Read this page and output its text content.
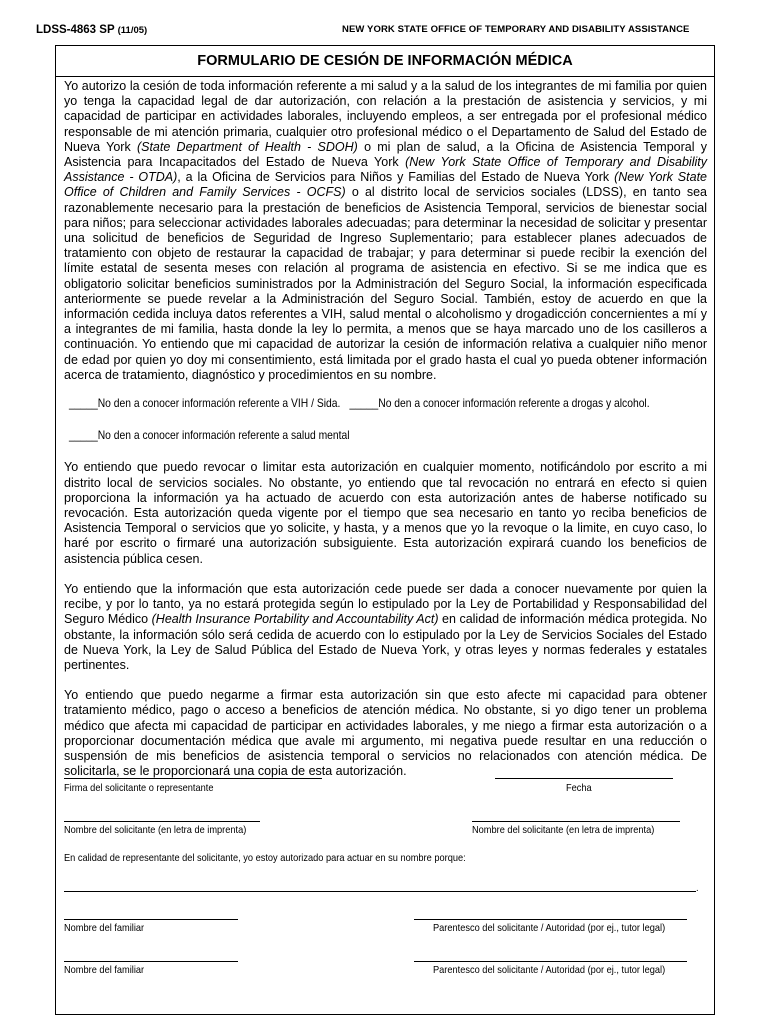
LDSS-4863 SP (11/05)	NEW YORK STATE OFFICE OF TEMPORARY AND DISABILITY ASSISTANCE
FORMULARIO DE CESIÓN DE INFORMACIÓN MÉDICA

Yo autorizo la cesión de toda información referente a mi salud y a la salud de los integrantes de mi familia por quien yo tenga la capacidad legal de dar autorización, con relación a la prestación de asistencia y servicios, y mi capacidad de participar en actividades laborales, incluyendo empleos, a ser entregada por el profesional médico responsable de mi atención primaria, cualquier otro profesional médico o el Departamento de Salud del Estado de Nueva York (State Department of Health - SDOH) o mi plan de salud, a la Oficina de Asistencia Temporal y Asistencia para Incapacitados del Estado de Nueva York (New York State Office of Temporary and Disability Assistance - OTDA), a la Oficina de Servicios para Niños y Familias del Estado de Nueva York (New York State Office of Children and Family Services - OCFS) o al distrito local de servicios sociales (LDSS), en tanto sea razonablemente necesario para la prestación de beneficios de Asistencia Temporal, servicios de bienestar social para niños; para seleccionar actividades laborales adecuadas; para determinar la necesidad de solicitar y presentar una solicitud de beneficios de Seguridad de Ingreso Suplementario; para establecer planes adecuados de tratamiento con objeto de restaurar la capacidad de trabajar; y para determinar si puede recibir la exención del límite estatal de sesenta meses con relación al programa de asistencia en efectivo. Si se me indica que es obligatorio solicitar beneficios suministrados por la Administración del Seguro Social, la información especificada anteriormente se puede revelar a la Administración del Seguro Social. También, estoy de acuerdo en que la información cedida incluya datos referentes a VIH, salud mental o alcoholismo y drogadicción concernientes a mí y a integrantes de mi familia, hasta donde la ley lo permita, a menos que se haya marcado uno de los casilleros a continuación. Yo entiendo que mi capacidad de autorizar la cesión de información relativa a cualquier niño menor de edad por quien yo doy mi consentimiento, está limitada por el grado hasta el cual yo pueda obtener información acerca de tratamiento, diagnóstico y procedimientos en su nombre.

_____No den a conocer información referente a VIH / Sida. _____No den a conocer información referente a drogas y alcohol.
_____No den a conocer información referente a salud mental

Yo entiendo que puedo revocar o limitar esta autorización en cualquier momento, notificándolo por escrito a mi distrito local de servicios sociales. No obstante, yo entiendo que tal revocación no entrará en efecto si quien proporciona la información ya ha actuado de acuerdo con esta autorización antes de haberse notificado su revocación. Esta autorización queda vigente por el tiempo que sea necesario en tanto yo reciba beneficios de Asistencia Temporal o servicios que yo solicite, y hasta, y a menos que yo la revoque o la limite, en cuyo caso, lo haré por escrito o firmaré una autorización subsiguiente. Esta autorización expirará cuando los beneficios de asistencia pública cesen.

Yo entiendo que la información que esta autorización cede puede ser dada a conocer nuevamente por quien la recibe, y por lo tanto, ya no estará protegida según lo estipulado por la Ley de Portabilidad y Responsabilidad del Seguro Médico (Health Insurance Portability and Accountability Act) en calidad de información médica protegida. No obstante, la información sólo será cedida de acuerdo con lo estipulado por la Ley de Servicios Sociales del Estado de Nueva York, la Ley de Salud Pública del Estado de Nueva York, y otras leyes y normas federales y estatales pertinentes.

Yo entiendo que puedo negarme a firmar esta autorización sin que esto afecte mi capacidad para obtener tratamiento médico, pago o acceso a beneficios de atención médica. No obstante, si yo digo tener un problema médico que afecta mi capacidad de participar en actividades laborales, y me niego a firmar esta autorización o a proporcionar documentación médica que avale mi argumento, mi negativa puede resultar en una reducción o suspensión de mis beneficios de asistencia temporal o servicios no relacionados con atención médica. De solicitarla, se le proporcionará una copia de esta autorización.

Firma del solicitante o representante	Fecha
Nombre del solicitante (en letra de imprenta)	Nombre del solicitante (en letra de imprenta)
En calidad de representante del solicitante, yo estoy autorizado para actuar en su nombre porque:
.
Nombre del familiar	Parentesco del solicitante / Autoridad (por ej., tutor legal)
Nombre del familiar	Parentesco del solicitante / Autoridad (por ej., tutor legal)
